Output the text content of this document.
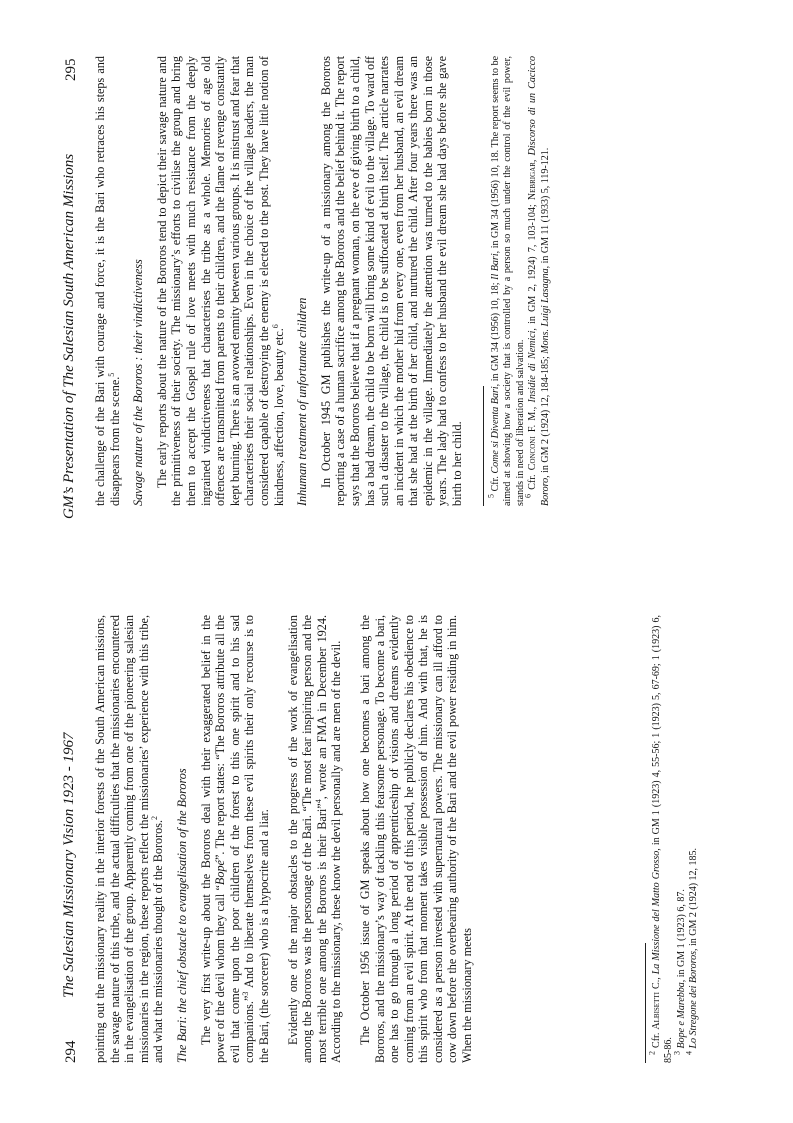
294
The Salesian Missionary Vision 1923 - 1967 pointing out the missionary reality in the interior forests of the South American missions, the savage nature of this tribe, and the actual difficulties that the missionaries encountered in the evangelisation of the group. Apparently coming from one of the pioneering salesian missionaries in the region, these reports reflect the missionaries’ experience with this tribe, and what the missionaries thought of the Bororos.$^2$	The Bari: the chief obstacle to evangelisation of the Bororos The very first write-up about the Bororos deal with their exaggerated belief in the power of the devil whom they call “Bopé”. The report states: “The Bororos attribute all the evil that come upon the poor children of the forest to this one spirit and to his sad companions.”$^3$ And to liberate themselves from these evil spirits their only recourse is to the Bari, (the sorcerer) who is a hypocrite and a liar. Evidently one of the major obstacles to the progress of the work of evangelisation among the Bororos was the personage of the Bari. “The most fear inspiring person and the most terrible one among the Bororos is their Bari”$^4$, wrote an FMA in December 1924. According to the missionary, these know the devil personally and are men of the devil. The October 1956 issue of GM speaks about how one becomes a bari among the Bororos, and the missionary’s way of tackling this fearsome personage. To become a bari, one has to go through a long period of apprenticeship of visions and dreams evidently coming from an evil spirit. At the end of this period, he publicly declares his obedience to this spirit who from that moment takes visible possession of him. And with that, he is considered as a person invested with supernatural powers. The missionary can ill afford to cow down before the overbearing authority of the Bari and the evil power residing in him. When the missionary meets	$^2$ Cfr. Albisetti C., La Missione del Matto Grosso, in GM 1 (1923) 4, 55-56; 1 (1923) 5, 67-69; 1 (1923) 6, 85-86.

$^3$ Bope e Marebba, in GM 1 (1923) 6, 87.

$^4$ Lo Stregone dei Bororos, in GM 2 (1924) 12, 185.

GM’s Presentation of The Salesian South American Missions
295 the challenge of the Bari with courage and force, it is the Bari who retraces his steps and disappears from the scene.$^5$	Savage nature of the Bororos : their vindictiveness The early reports about the nature of the Bororos tend to depict their savage nature and the primitiveness of their society. The missionary’s efforts to civilise the group and bring them to accept the Gospel rule of love meets with much resistance from the deeply ingrained vindictiveness that characterises the tribe as a whole. Memories of age old offences are transmitted from parents to their children, and the flame of revenge constantly kept burning. There is an avowed enmity between various groups. It is mistrust and fear that characterises their social relationships. Even in the choice of the village leaders, the man considered capable of destroying the enemy is elected to the post. They have little notion of kindness, affection, love, beauty etc.$^6$	Inhuman treatment of unfortunate children In October 1945 GM publishes the write-up of a missionary among the Bororos reporting a case of a human sacrifice among the Bororos and the belief behind it. The report says that the Bororos believe that if a pregnant woman, on the eve of giving birth to a child, has a bad dream, the child to be born will bring some kind of evil to the village. To ward off such a disaster to the village, the child is to be suffocated at birth itself. The article narrates an incident in which the mother hid from every one, even from her husband, an evil dream that she had at the birth of her child, and nurtured the child. After four years there was an epidemic in the village. Immediately the attention was turned to the babies born in those years. The lady had to confess to her husband the evil dream she had days before she gave birth to her child.	$^5$ Cfr. Come si Diventa Bari, in GM 34 (1956) 10, 18; Il Bari, in GM 34 (1956) 10, 18. The report seems to be aimed at showing how a society that is controlled by a person so much under the control of the evil power, stands in need of liberation and salvation.

$^6$ Cfr. Conconi F. M., Insidie di Nemici, in GM 2, 1924) 7, 103-104; Nebrigar, Discorso di un Cacicco Bororo, in GM 2 (1924) 12, 184-185; Mons. Luigi Lasagna, in GM 11 (1933) 5, 119-121.
